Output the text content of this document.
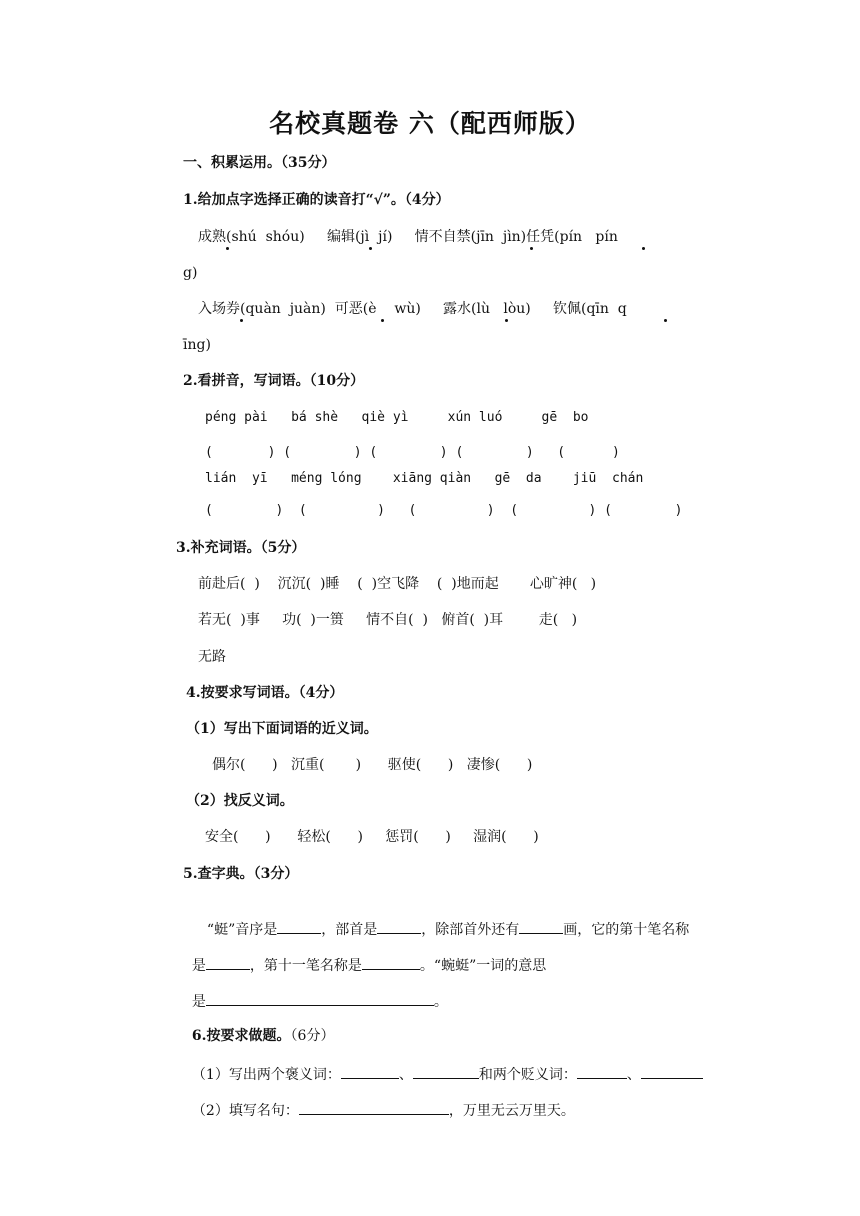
名校真题卷 六（配西师版）
一、积累运用。（35分）
1.给加点字选择正确的读音打“√”。（4分）
成熟(shú  shóu)     编辑(jì  jí)     情不自禁(jīn  jìn)任凭(pín   pín
g)
入场券(quàn  juàn)  可恶(è    wù)     露水(lù   lòu)     钦佩(qīn  q
īng)
2.看拼音，写词语。（10分）
péng pài   bá shè   qiè yì     xún luó     gē  bo
(       ) (        ) (        ) (        )   (      )
lián  yī   méng lóng    xiāng qiàn   gē  da    jiū  chán
(        )  (         )   (         )  (         ) (        )
3.补充词语。（5分）
前赴后(  )    沉沉(  )睡    (  )空飞降    (  )地而起       心旷神(   )
若无(  )事     功(  )一篑     情不自(  )   俯首(  )耳        走(   )
无路
4.按要求写词语。（4分）
（1）写出下面词语的近义词。
偶尔(      )   沉重(       )      驱使(      )   凄惨(      )
（2）找反义词。
安全(      )      轻松(      )     惩罚(      )     湿润(      )
5.查字典。（3分）

“蜓”音序是	，部首是	，除部首外还有	画，它的第十笔名称

是	，第十一笔名称是	。“蜿蜓”一词的意思

是	。

6.按要求做题。（6分）

（1）写出两个褒义词：	、	和两个贬义词：	、

（2）填写名句：	，万里无云万里天。
